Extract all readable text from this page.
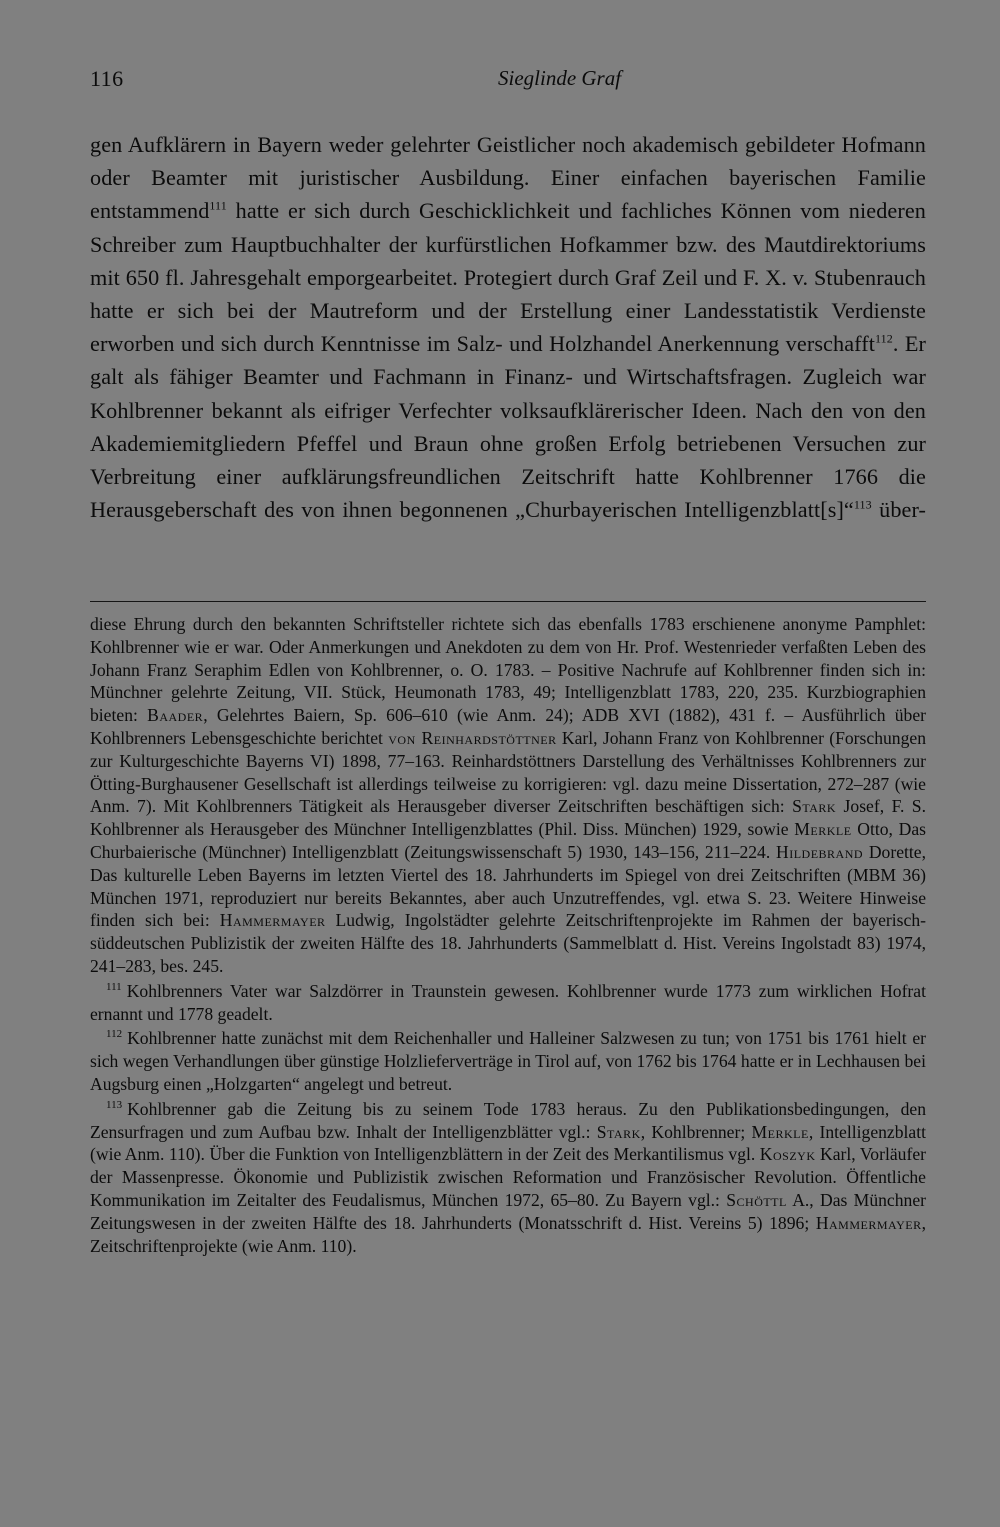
116	Sieglinde Graf

gen Aufklärern in Bayern weder gelehrter Geistlicher noch akademisch gebildeter Hofmann oder Beamter mit juristischer Ausbildung. Einer einfachen bayerischen Familie entstammend$^{111}$ hatte er sich durch Geschicklichkeit und fachliches Können vom niederen Schreiber zum Hauptbuchhalter der kurfürstlichen Hofkammer bzw. des Mautdirektoriums mit 650 fl. Jahresgehalt emporgearbeitet. Protegiert durch Graf Zeil und F. X. v. Stubenrauch hatte er sich bei der Mautreform und der Erstellung einer Landesstatistik Verdienste erworben und sich durch Kenntnisse im Salz- und Holzhandel Anerkennung verschafft$^{112}$. Er galt als fähiger Beamter und Fachmann in Finanz- und Wirtschaftsfragen. Zugleich war Kohlbrenner bekannt als eifriger Verfechter volksaufklärerischer Ideen. Nach den von den Akademiemitgliedern Pfeffel und Braun ohne großen Erfolg betriebenen Versuchen zur Verbreitung einer aufklärungsfreundlichen Zeitschrift hatte Kohlbrenner 1766 die Herausgeberschaft des von ihnen begonnenen „Churbayerischen Intelligenzblatt[s]“$^{113}$ über-

diese Ehrung durch den bekannten Schriftsteller richtete sich das ebenfalls 1783 erschienene anonyme Pamphlet: Kohlbrenner wie er war. Oder Anmerkungen und Anekdoten zu dem von Hr. Prof. Westenrieder verfaßten Leben des Johann Franz Seraphim Edlen von Kohlbrenner, o. O. 1783. – Positive Nachrufe auf Kohlbrenner finden sich in: Münchner gelehrte Zeitung, VII. Stück, Heumonath 1783, 49; Intelligenzblatt 1783, 220, 235. Kurzbiographien bieten: Baader, Gelehrtes Baiern, Sp. 606–610 (wie Anm. 24); ADB XVI (1882), 431 f. – Ausführlich über Kohlbrenners Lebensgeschichte berichtet von Reinhardstöttner Karl, Johann Franz von Kohlbrenner (Forschungen zur Kulturgeschichte Bayerns VI) 1898, 77–163. Reinhardstöttners Darstellung des Verhältnisses Kohlbrenners zur Ötting-Burghausener Gesellschaft ist allerdings teilweise zu korrigieren: vgl. dazu meine Dissertation, 272–287 (wie Anm. 7). Mit Kohlbrenners Tätigkeit als Herausgeber diverser Zeitschriften beschäftigen sich: Stark Josef, F. S. Kohlbrenner als Herausgeber des Münchner Intelligenzblattes (Phil. Diss. München) 1929, sowie Merkle Otto, Das Churbaierische (Münchner) Intelligenzblatt (Zeitungswissenschaft 5) 1930, 143–156, 211–224. Hildebrand Dorette, Das kulturelle Leben Bayerns im letzten Viertel des 18. Jahrhunderts im Spiegel von drei Zeitschriften (MBM 36) München 1971, reproduziert nur bereits Bekanntes, aber auch Unzutreffendes, vgl. etwa S. 23. Weitere Hinweise finden sich bei: Hammermayer Ludwig, Ingolstädter gelehrte Zeitschriftenprojekte im Rahmen der bayerisch-süddeutschen Publizistik der zweiten Hälfte des 18. Jahrhunderts (Sammelblatt d. Hist. Vereins Ingolstadt 83) 1974, 241–283, bes. 245.

$^{111}$ Kohlbrenners Vater war Salzdörrer in Traunstein gewesen. Kohlbrenner wurde 1773 zum wirklichen Hofrat ernannt und 1778 geadelt.

$^{112}$ Kohlbrenner hatte zunächst mit dem Reichenhaller und Halleiner Salzwesen zu tun; von 1751 bis 1761 hielt er sich wegen Verhandlungen über günstige Holzlieferverträge in Tirol auf, von 1762 bis 1764 hatte er in Lechhausen bei Augsburg einen „Holzgarten“ angelegt und betreut.

$^{113}$ Kohlbrenner gab die Zeitung bis zu seinem Tode 1783 heraus. Zu den Publikationsbedingungen, den Zensurfragen und zum Aufbau bzw. Inhalt der Intelligenzblätter vgl.: Stark, Kohlbrenner; Merkle, Intelligenzblatt (wie Anm. 110). Über die Funktion von Intelligenzblättern in der Zeit des Merkantilismus vgl. Koszyk Karl, Vorläufer der Massenpresse. Ökonomie und Publizistik zwischen Reformation und Französischer Revolution. Öffentliche Kommunikation im Zeitalter des Feudalismus, München 1972, 65–80. Zu Bayern vgl.: Schöttl A., Das Münchner Zeitungswesen in der zweiten Hälfte des 18. Jahrhunderts (Monatsschrift d. Hist. Vereins 5) 1896; Hammermayer, Zeitschriftenprojekte (wie Anm. 110).
